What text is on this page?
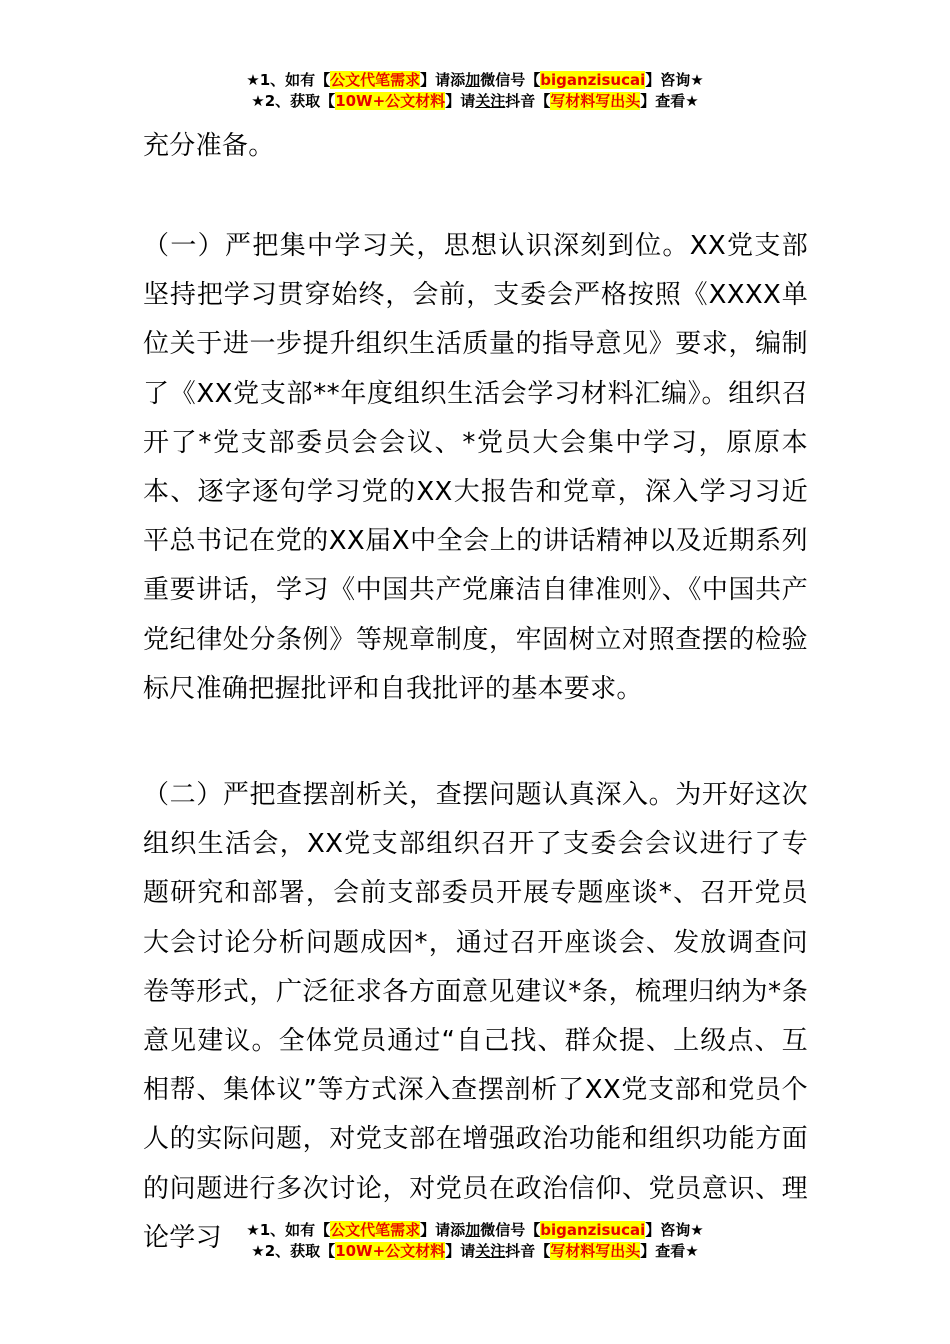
★1、如有【公文代笔需求】请添加微信号【biganzisucai】咨询★
★2、获取【10W+公文材料】请关注抖音【写材料写出头】查看★

充分准备。

（一）严把集中学习关，思想认识深刻到位。XX党支部坚持把学习贯穿始终，会前，支委会严格按照《XXXX单位关于进一步提升组织生活质量的指导意见》要求，编制了《XX党支部**年度组织生活会学习材料汇编》。组织召开了*党支部委员会会议、*党员大会集中学习，原原本本、逐字逐句学习党的XX大报告和党章，深入学习习近平总书记在党的XX届X中全会上的讲话精神以及近期系列重要讲话，学习《中国共产党廉洁自律准则》、《中国共产党纪律处分条例》等规章制度，牢固树立对照查摆的检验标尺准确把握批评和自我批评的基本要求。

（二）严把查摆剖析关，查摆问题认真深入。为开好这次组织生活会，XX党支部组织召开了支委会会议进行了专题研究和部署，会前支部委员开展专题座谈*、召开党员大会讨论分析问题成因*，通过召开座谈会、发放调查问卷等形式，广泛征求各方面意见建议*条，梳理归纳为*条意见建议。全体党员通过“自己找、群众提、上级点、互相帮、集体议”等方式深入查摆剖析了XX党支部和党员个人的实际问题，对党支部在增强政治功能和组织功能方面的问题进行多次讨论，对党员在政治信仰、党员意识、理论学习	★1、如有【公文代笔需求】请添加微信号【biganzisucai】咨询★
★2、获取【10W+公文材料】请关注抖音【写材料写出头】查看★
